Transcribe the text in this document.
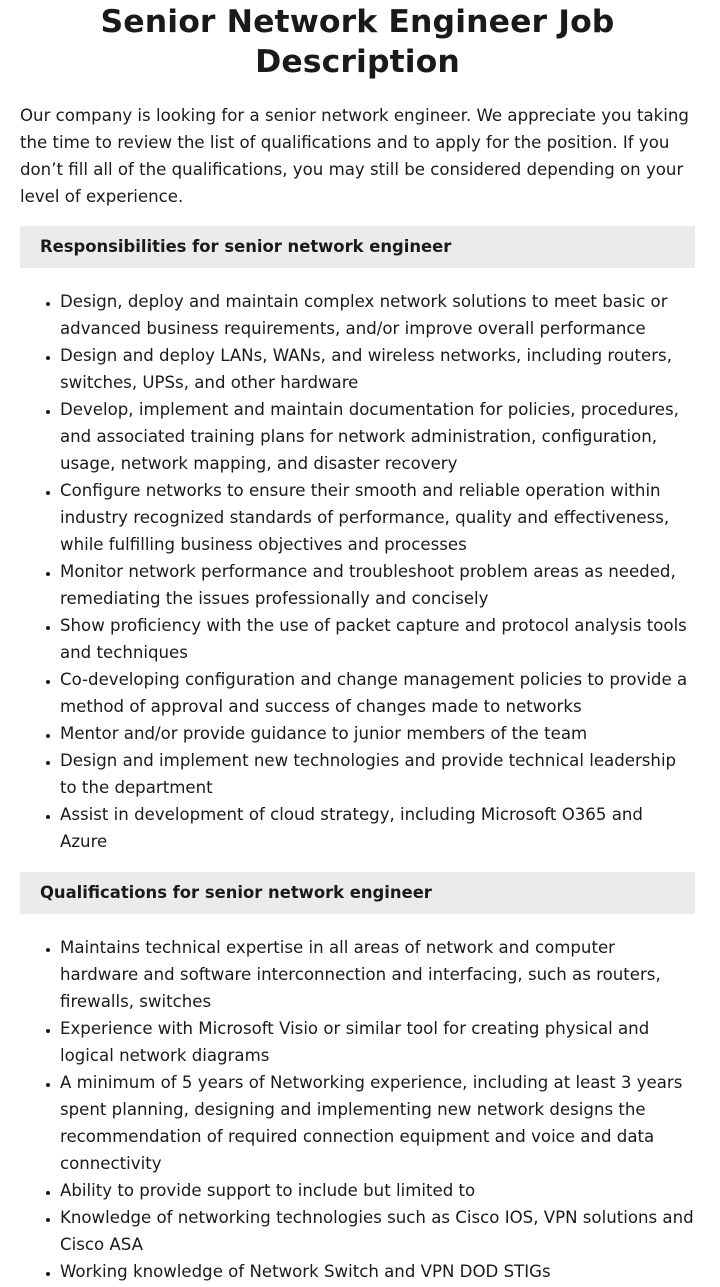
Senior Network Engineer Job Description

Our company is looking for a senior network engineer. We appreciate you taking the time to review the list of qualifications and to apply for the position. If you don’t fill all of the qualifications, you may still be considered depending on your level of experience.

Responsibilities for senior network engineer
• Design, deploy and maintain complex network solutions to meet basic or advanced business requirements, and/or improve overall performance
• Design and deploy LANs, WANs, and wireless networks, including routers, switches, UPSs, and other hardware
• Develop, implement and maintain documentation for policies, procedures, and associated training plans for network administration, configuration, usage, network mapping, and disaster recovery
• Configure networks to ensure their smooth and reliable operation within industry recognized standards of performance, quality and effectiveness, while fulfilling business objectives and processes
• Monitor network performance and troubleshoot problem areas as needed, remediating the issues professionally and concisely
• Show proficiency with the use of packet capture and protocol analysis tools and techniques
• Co-developing configuration and change management policies to provide a method of approval and success of changes made to networks
• Mentor and/or provide guidance to junior members of the team
• Design and implement new technologies and provide technical leadership to the department
• Assist in development of cloud strategy, including Microsoft O365 and Azure
Qualifications for senior network engineer
• Maintains technical expertise in all areas of network and computer hardware and software interconnection and interfacing, such as routers, firewalls, switches
• Experience with Microsoft Visio or similar tool for creating physical and logical network diagrams
• A minimum of 5 years of Networking experience, including at least 3 years spent planning, designing and implementing new network designs the recommendation of required connection equipment and voice and data connectivity
• Ability to provide support to include but limited to
• Knowledge of networking technologies such as Cisco IOS, VPN solutions and Cisco ASA
• Working knowledge of Network Switch and VPN DOD STIGs
